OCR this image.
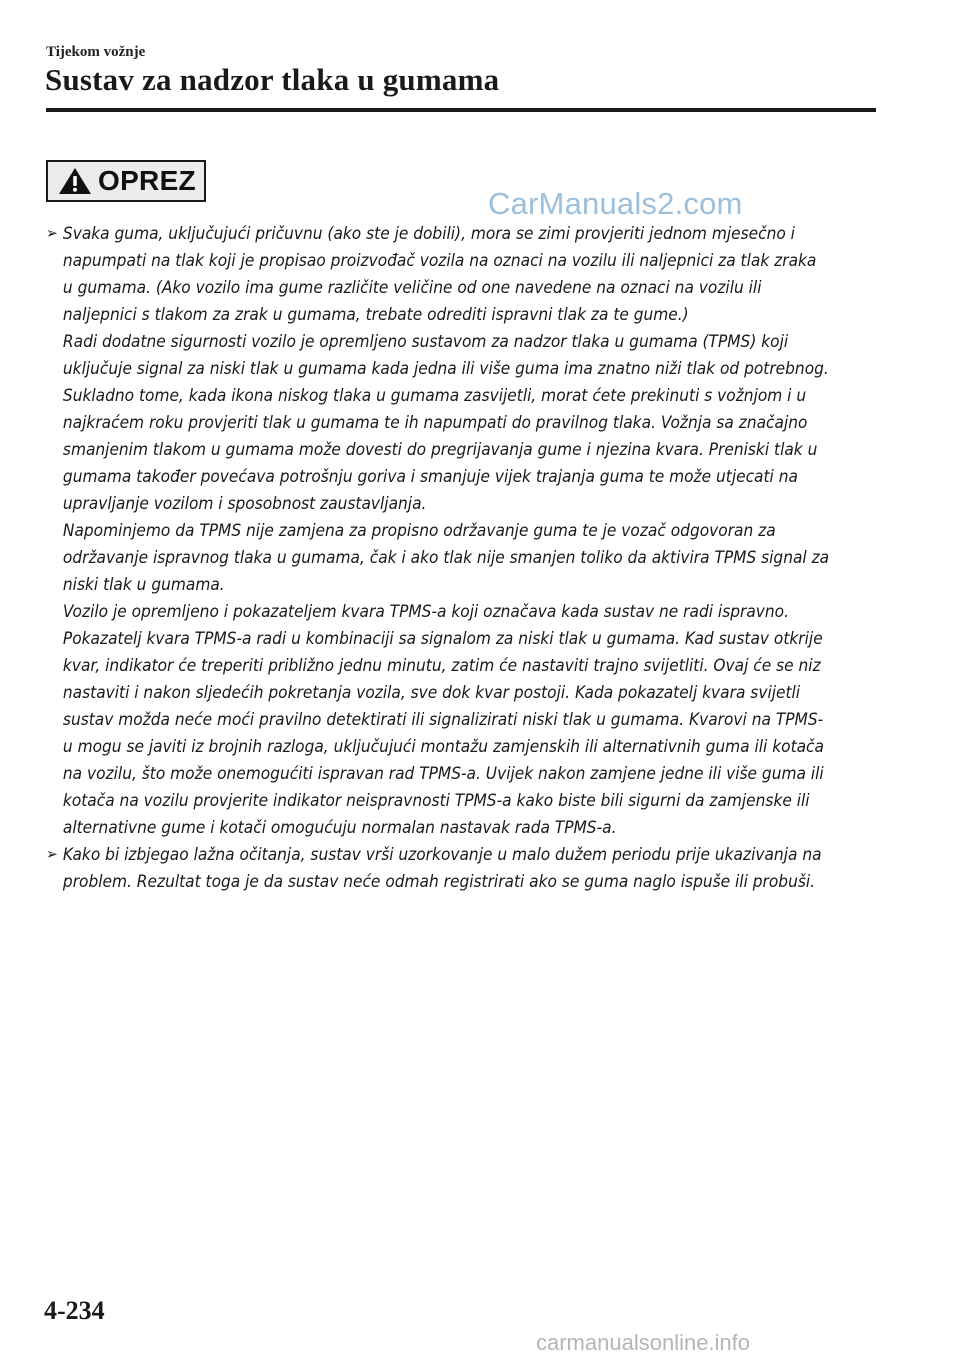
Tijekom vožnje
Sustav za nadzor tlaka u gumama
OPREZ
CarManuals2.com
➢ Svaka guma, uključujući pričuvnu (ako ste je dobili), mora se zimi provjeriti jednom mjesečno i napumpati na tlak koji je propisao proizvođač vozila na oznaci na vozilu ili naljepnici za tlak zraka u gumama. (Ako vozilo ima gume različite veličine od one navedene na oznaci na vozilu ili naljepnici s tlakom za zrak u gumama, trebate odrediti ispravni tlak za te gume.)

Radi dodatne sigurnosti vozilo je opremljeno sustavom za nadzor tlaka u gumama (TPMS) koji uključuje signal za niski tlak u gumama kada jedna ili više guma ima znatno niži tlak od potrebnog. Sukladno tome, kada ikona niskog tlaka u gumama zasvijetli, morat ćete prekinuti s vožnjom i u najkraćem roku provjeriti tlak u gumama te ih napumpati do pravilnog tlaka. Vožnja sa značajno smanjenim tlakom u gumama može dovesti do pregrijavanja gume i njezina kvara. Preniski tlak u gumama također povećava potrošnju goriva i smanjuje vijek trajanja guma te može utjecati na upravljanje vozilom i sposobnost zaustavljanja.

Napominjemo da TPMS nije zamjena za propisno održavanje guma te je vozač odgovoran za održavanje ispravnog tlaka u gumama, čak i ako tlak nije smanjen toliko da aktivira TPMS signal za niski tlak u gumama.

Vozilo je opremljeno i pokazateljem kvara TPMS-a koji označava kada sustav ne radi ispravno.

Pokazatelj kvara TPMS-a radi u kombinaciji sa signalom za niski tlak u gumama. Kad sustav otkrije kvar, indikator će treperiti približno jednu minutu, zatim će nastaviti trajno svijetliti. Ovaj će se niz nastaviti i nakon sljedećih pokretanja vozila, sve dok kvar postoji. Kada pokazatelj kvara svijetli sustav možda neće moći pravilno detektirati ili signalizirati niski tlak u gumama. Kvarovi na TPMS-u mogu se javiti iz brojnih razloga, uključujući montažu zamjenskih ili alternativnih guma ili kotača na vozilu, što može onemogućiti ispravan rad TPMS-a. Uvijek nakon zamjene jedne ili više guma ili kotača na vozilu provjerite indikator neispravnosti TPMS-a kako biste bili sigurni da zamjenske ili alternativne gume i kotači omogućuju normalan nastavak rada TPMS-a.

➢ Kako bi izbjegao lažna očitanja, sustav vrši uzorkovanje u malo dužem periodu prije ukazivanja na problem. Rezultat toga je da sustav neće odmah registrirati ako se guma naglo ispuše ili probuši.

4-234
carmanualsonline.info
